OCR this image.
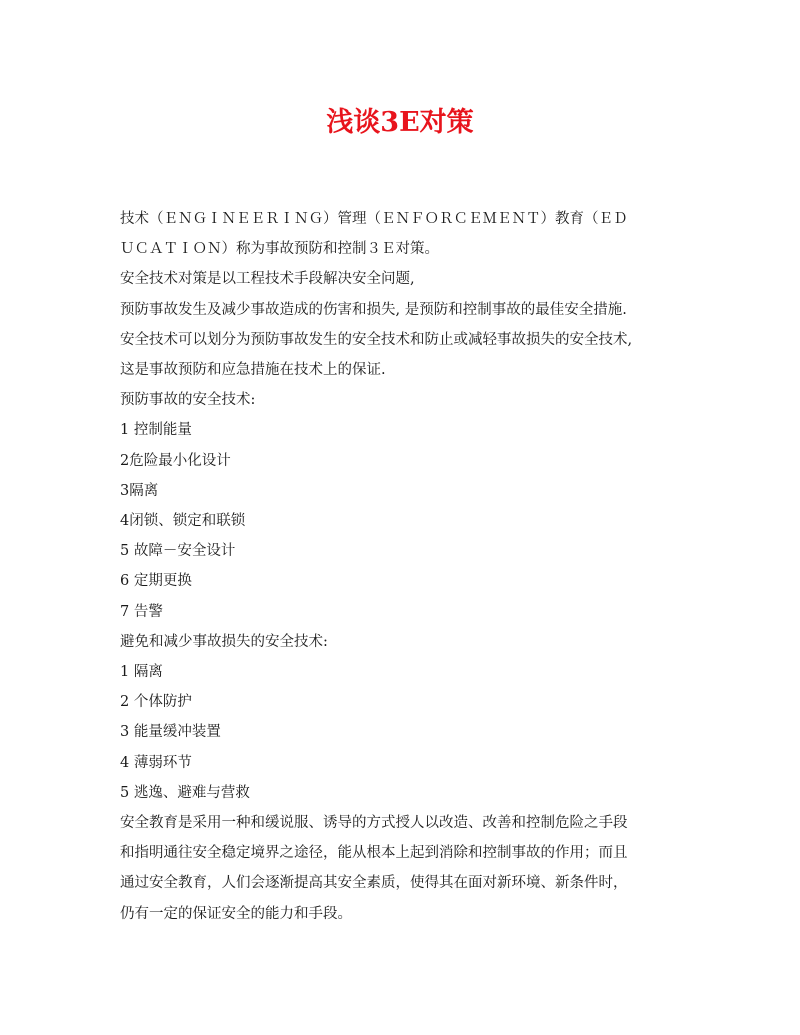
浅谈3E对策
技术（ＥＮＧＩＮＥＥＲＩＮＧ）管理（ＥＮＦＯＲＣＥＭＥＮＴ）教育（ＥＤ
ＵＣＡＴＩＯＮ）称为事故预防和控制３Ｅ对策。
安全技术对策是以工程技术手段解决安全问题,
预防事故发生及减少事故造成的伤害和损失, 是预防和控制事故的最佳安全措施.
安全技术可以划分为预防事故发生的安全技术和防止或减轻事故损失的安全技术,
这是事故预防和应急措施在技术上的保证.
预防事故的安全技术:
1 控制能量
2危险最小化设计
3隔离
4闭锁、锁定和联锁
5 故障－安全设计
6 定期更换
7 告警
避免和减少事故损失的安全技术:
1 隔离
2 个体防护
3 能量缓冲装置
4 薄弱环节
5 逃逸、避难与营救
安全教育是采用一种和缓说服、诱导的方式授人以改造、改善和控制危险之手段
和指明通往安全稳定境界之途径，能从根本上起到消除和控制事故的作用；而且
通过安全教育，人们会逐渐提高其安全素质，使得其在面对新环境、新条件时，
仍有一定的保证安全的能力和手段。
